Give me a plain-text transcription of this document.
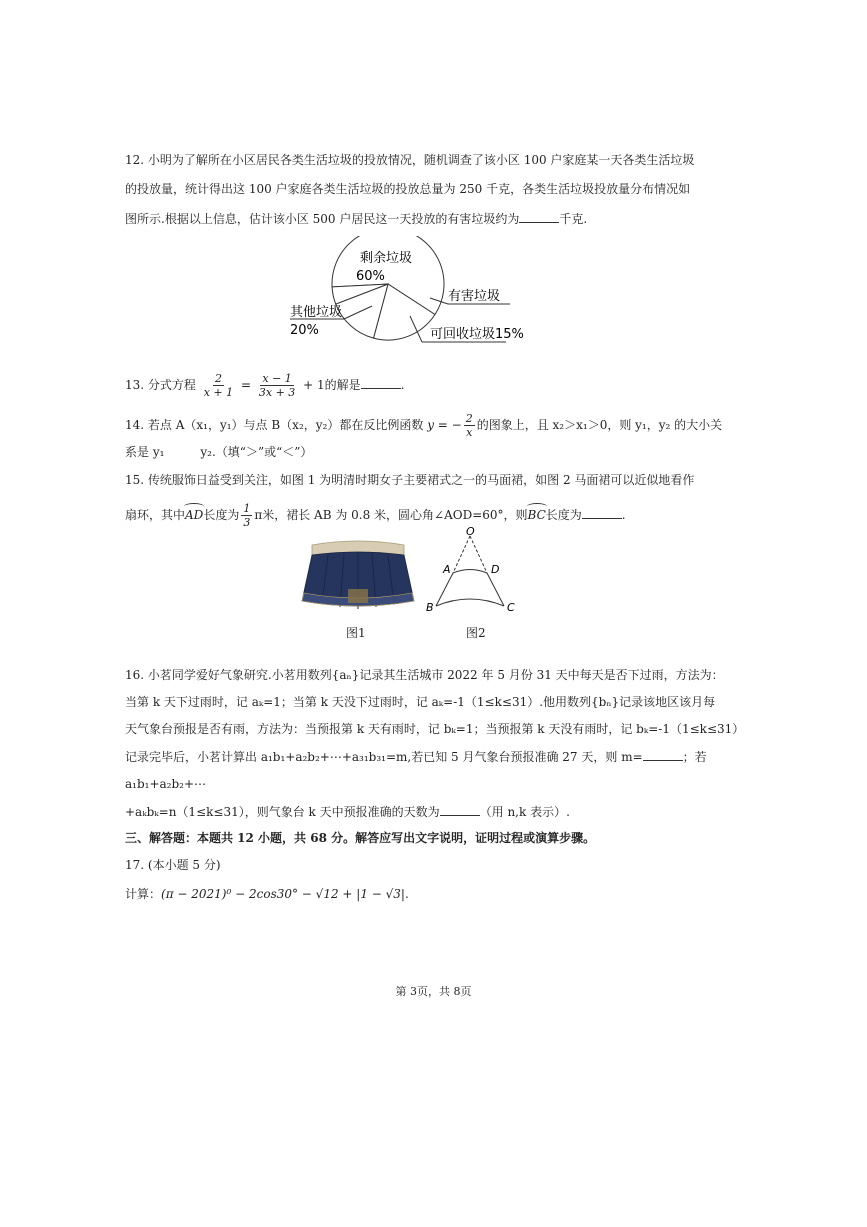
12. 小明为了解所在小区居民各类生活垃圾的投放情况，随机调查了该小区 100 户家庭某一天各类生活垃圾
的投放量，统计得出这 100 户家庭各类生活垃圾的投放总量为 250 千克，各类生活垃圾投放量分布情况如
图所示.根据以上信息，估计该小区 500 户居民这一天投放的有害垃圾约为	千克.
剩余垃圾
60%
有害垃圾
其他垃圾
20%	可回收垃圾15%
13. 分式方程 $\frac{2}{x + 1} = \frac{x - 1}{3x + 3} + 1$的解是	.
14. 若点 A（x₁，y₁）与点 B（x₂，y₂）都在反比例函数 y = − $\frac{2}{x}$ 的图象上，且 x₂＞x₁＞0，则 y₁，y₂ 的大小关
系是 y₁　　　y₂.（填“＞”或“＜”）
15. 传统服饰日益受到关注，如图 1 为明清时期女子主要裙式之一的马面裙，如图 2 马面裙可以近似地看作
扇环，其中AD长度为 $\frac{1}{3}$ π米，裙长 AB 为 0.8 米，圆心角∠AOD=60°，则BC长度为	.
图1
O
A	D
B	C
图2
16. 小茗同学爱好气象研究.小茗用数列{aₙ}记录其生活城市 2022 年 5 月份 31 天中每天是否下过雨，方法为：
当第 k 天下过雨时，记 aₖ=1；当第 k 天没下过雨时，记 aₖ=-1（1≤k≤31）.他用数列{bₙ}记录该地区该月每
天气象台预报是否有雨，方法为：当预报第 k 天有雨时，记 bₖ=1；当预报第 k 天没有雨时，记 bₖ=-1（1≤k≤31）
记录完毕后，小茗计算出 a₁b₁+a₂b₂+⋯+a₃₁b₃₁=m,若已知 5 月气象台预报准确 27 天，则 m=	；若
a₁b₁+a₂b₂+⋯
+aₖbₖ=n（1≤k≤31），则气象台 k 天中预报准确的天数为	（用 n,k 表示）.
三、解答题：本题共 12 小题，共 68 分。解答应写出文字说明，证明过程或演算步骤。
17. (本小题 5 分)
计算：(π − 2021)⁰ − 2cos30° − √12 + |1 − √3|.
第 3页，共 8页
